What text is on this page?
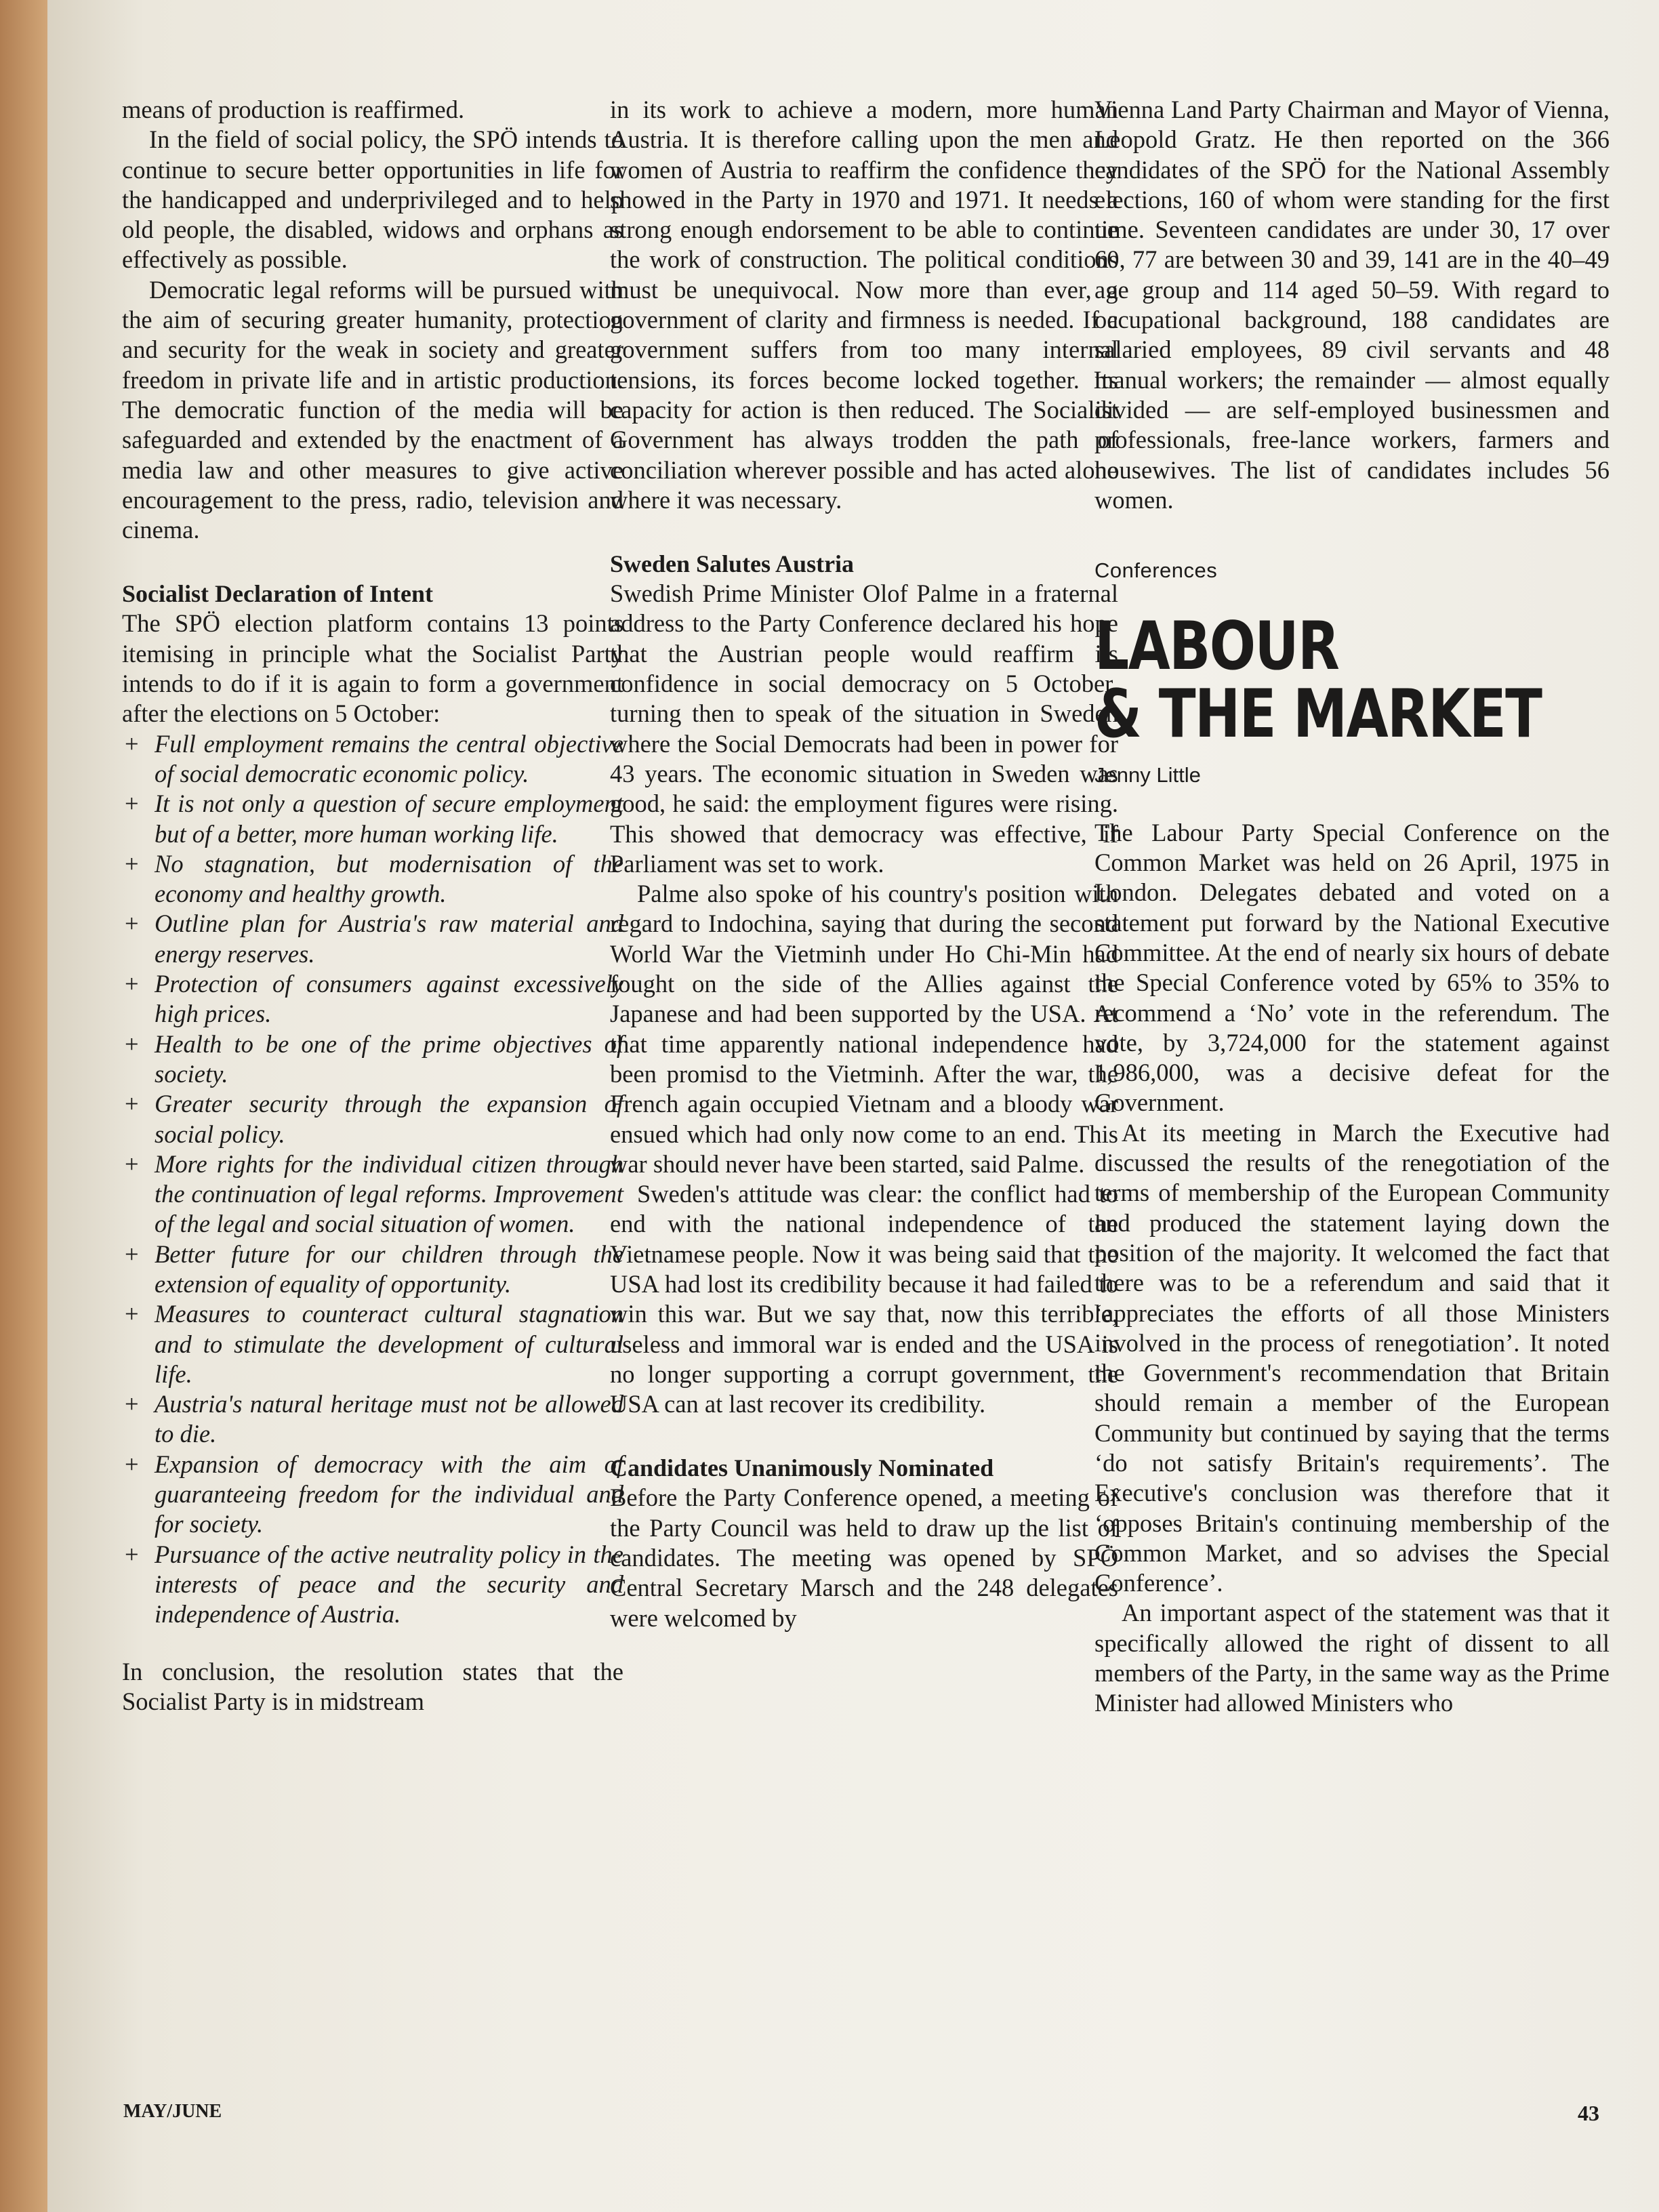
means of production is reaffirmed.

In the field of social policy, the SPÖ intends to continue to secure better opportunities in life for the handicapped and underprivileged and to help old people, the disabled, widows and orphans as effectively as possible.

Democratic legal reforms will be pursued with the aim of securing greater humanity, protection and security for the weak in society and greater freedom in private life and in artistic production. The democratic function of the media will be safeguarded and extended by the enactment of a media law and other measures to give active encouragement to the press, radio, television and cinema.

Socialist Declaration of Intent

The SPÖ election platform contains 13 points itemising in principle what the Socialist Party intends to do if it is again to form a government after the elections on 5 October:

+ Full employment remains the central objective of social democratic economic policy.
+ It is not only a question of secure employment but of a better, more human working life.
+ No stagnation, but modernisation of the economy and healthy growth.
+ Outline plan for Austria's raw material and energy reserves.
+ Protection of consumers against excessively high prices.
+ Health to be one of the prime objectives of society.
+ Greater security through the expansion of social policy.
+ More rights for the individual citizen through the continuation of legal reforms. Improvement of the legal and social situation of women.
+ Better future for our children through the extension of equality of opportunity.
+ Measures to counteract cultural stagnation and to stimulate the development of cultural life.
+ Austria's natural heritage must not be allowed to die.
+ Expansion of democracy with the aim of guaranteeing freedom for the individual and for society.
+ Pursuance of the active neutrality policy in the interests of peace and the security and independence of Austria.

In conclusion, the resolution states that the Socialist Party is in midstream

in its work to achieve a modern, more human Austria. It is therefore calling upon the men and women of Austria to reaffirm the confidence they showed in the Party in 1970 and 1971. It needs a strong enough endorsement to be able to continue the work of construction. The political conditions must be unequivocal. Now more than ever, a government of clarity and firmness is needed. If a government suffers from too many internal tensions, its forces become locked together. Its capacity for action is then reduced. The Socialist Government has always trodden the path of conciliation wherever possible and has acted alone where it was necessary.

Sweden Salutes Austria

Swedish Prime Minister Olof Palme in a fraternal address to the Party Conference declared his hope that the Austrian people would reaffirm its confidence in social democracy on 5 October, turning then to speak of the situation in Sweden where the Social Democrats had been in power for 43 years. The economic situation in Sweden was good, he said: the employment figures were rising. This showed that democracy was effective, if Parliament was set to work.

Palme also spoke of his country's position with regard to Indochina, saying that during the second World War the Vietminh under Ho Chi-Min had fought on the side of the Allies against the Japanese and had been supported by the USA. At that time apparently national independence had been promisd to the Vietminh. After the war, the French again occupied Vietnam and a bloody war ensued which had only now come to an end. This war should never have been started, said Palme.

Sweden's attitude was clear: the conflict had to end with the national independence of the Vietnamese people. Now it was being said that the USA had lost its credibility because it had failed to win this war. But we say that, now this terrible, useless and immoral war is ended and the USA is no longer supporting a corrupt government, the USA can at last recover its credibility.

Candidates Unanimously Nominated

Before the Party Conference opened, a meeting of the Party Council was held to draw up the list of candidates. The meeting was opened by SPÖ Central Secretary Marsch and the 248 delegates were welcomed by

Vienna Land Party Chairman and Mayor of Vienna, Leopold Gratz. He then reported on the 366 candidates of the SPÖ for the National Assembly elections, 160 of whom were standing for the first time. Seventeen candidates are under 30, 17 over 60, 77 are between 30 and 39, 141 are in the 40–49 age group and 114 aged 50–59. With regard to occupational background, 188 candidates are salaried employees, 89 civil servants and 48 manual workers; the remainder — almost equally divided — are self-employed businessmen and professionals, free-lance workers, farmers and housewives. The list of candidates includes 56 women.

Conferences
LABOUR
& THE MARKET
Jenny Little

The Labour Party Special Conference on the Common Market was held on 26 April, 1975 in London. Delegates debated and voted on a statement put forward by the National Executive Committee. At the end of nearly six hours of debate the Special Conference voted by 65% to 35% to recommend a ‘No’ vote in the referendum. The vote, by 3,724,000 for the statement against 1,986,000, was a decisive defeat for the Government.

At its meeting in March the Executive had discussed the results of the renegotiation of the terms of membership of the European Community and produced the statement laying down the position of the majority. It welcomed the fact that there was to be a referendum and said that it ‘appreciates the efforts of all those Ministers involved in the process of renegotiation’. It noted the Government's recommendation that Britain should remain a member of the European Community but continued by saying that the terms ‘do not satisfy Britain's requirements’. The Executive's conclusion was therefore that it ‘opposes Britain's continuing membership of the Common Market, and so advises the Special Conference’.

An important aspect of the statement was that it specifically allowed the right of dissent to all members of the Party, in the same way as the Prime Minister had allowed Ministers who

MAY/JUNE	43
